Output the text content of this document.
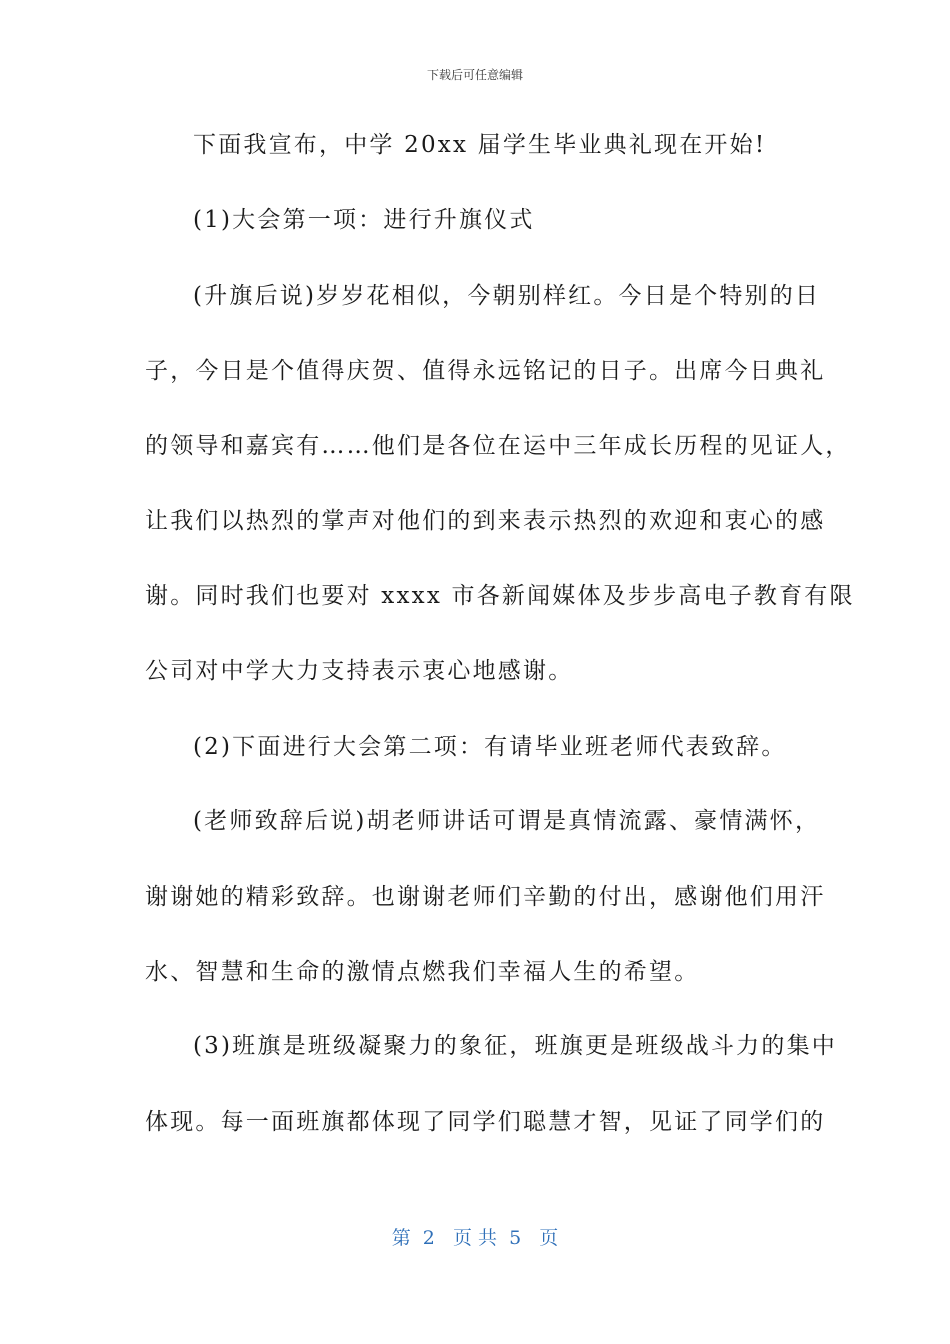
下载后可任意编辑

下面我宣布，中学 20xx 届学生毕业典礼现在开始!

(1)大会第一项：进行升旗仪式

(升旗后说)岁岁花相似，今朝别样红。今日是个特别的日

子，今日是个值得庆贺、值得永远铭记的日子。出席今日典礼

的领导和嘉宾有……他们是各位在运中三年成长历程的见证人，

让我们以热烈的掌声对他们的到来表示热烈的欢迎和衷心的感

谢。同时我们也要对 xxxx 市各新闻媒体及步步高电子教育有限

公司对中学大力支持表示衷心地感谢。

(2)下面进行大会第二项：有请毕业班老师代表致辞。

(老师致辞后说)胡老师讲话可谓是真情流露、豪情满怀，

谢谢她的精彩致辞。也谢谢老师们辛勤的付出，感谢他们用汗

水、智慧和生命的激情点燃我们幸福人生的希望。

(3)班旗是班级凝聚力的象征，班旗更是班级战斗力的集中

体现。每一面班旗都体现了同学们聪慧才智，见证了同学们的

第  2   页 共  5   页
